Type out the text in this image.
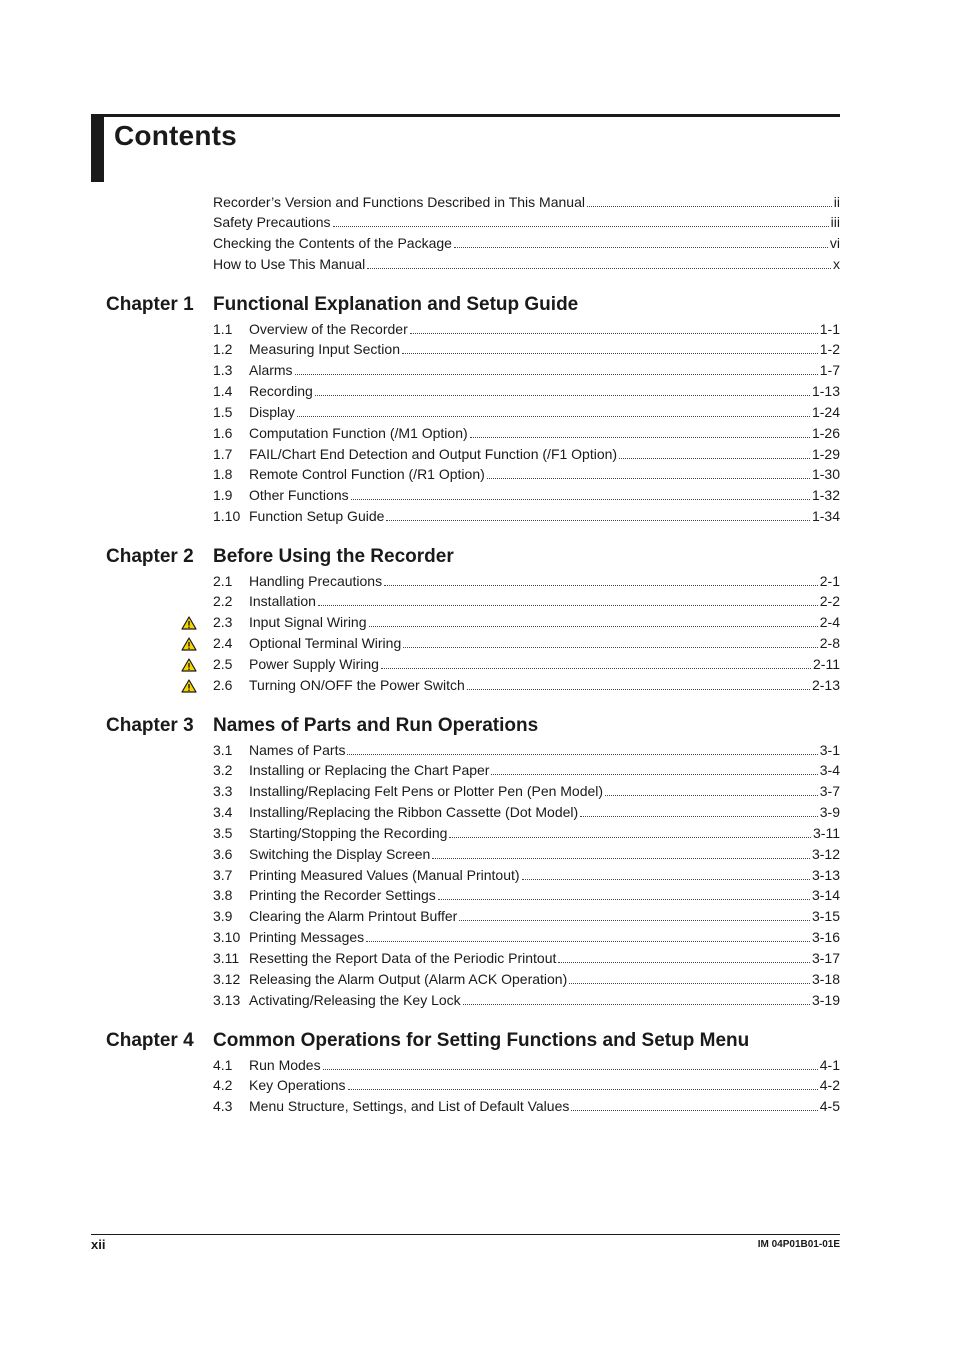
Contents
Recorder’s Version and Functions Described in This Manual	ii
Safety Precautions	iii
Checking the Contents of the Package	vi
How to Use This Manual	x
Chapter 1 Functional Explanation and Setup Guide
1.1	Overview of the Recorder	1-1
1.2	Measuring Input Section	1-2
1.3	Alarms	1-7
1.4	Recording	1-13
1.5	Display	1-24
1.6	Computation Function (/M1 Option)	1-26
1.7	FAIL/Chart End Detection and Output Function (/F1 Option)	1-29
1.8	Remote Control Function (/R1 Option)	1-30
1.9	Other Functions	1-32
1.10 Function Setup Guide	1-34
Chapter 2 Before Using the Recorder
2.1	Handling Precautions	2-1
2.2	Installation	2-2
2.3	Input Signal Wiring	2-4
2.4	Optional Terminal Wiring	2-8
2.5	Power Supply Wiring	2-11
2.6	Turning ON/OFF the Power Switch	2-13
Chapter 3 Names of Parts and Run Operations
3.1	Names of Parts	3-1
3.2	Installing or Replacing the Chart Paper	3-4
3.3	Installing/Replacing Felt Pens or Plotter Pen (Pen Model)	3-7
3.4	Installing/Replacing the Ribbon Cassette (Dot Model)	3-9
3.5	Starting/Stopping the Recording	3-11
3.6	Switching the Display Screen	3-12
3.7	Printing Measured Values (Manual Printout)	3-13
3.8	Printing the Recorder Settings	3-14
3.9	Clearing the Alarm Printout Buffer	3-15
3.10 Printing Messages	3-16
3.11 Resetting the Report Data of the Periodic Printout	3-17
3.12 Releasing the Alarm Output (Alarm ACK Operation)	3-18
3.13 Activating/Releasing the Key Lock	3-19
Chapter 4 Common Operations for Setting Functions and Setup Menu
4.1	Run Modes	4-1
4.2	Key Operations	4-2
4.3	Menu Structure, Settings, and List of Default Values	4-5
xii	IM 04P01B01-01E
